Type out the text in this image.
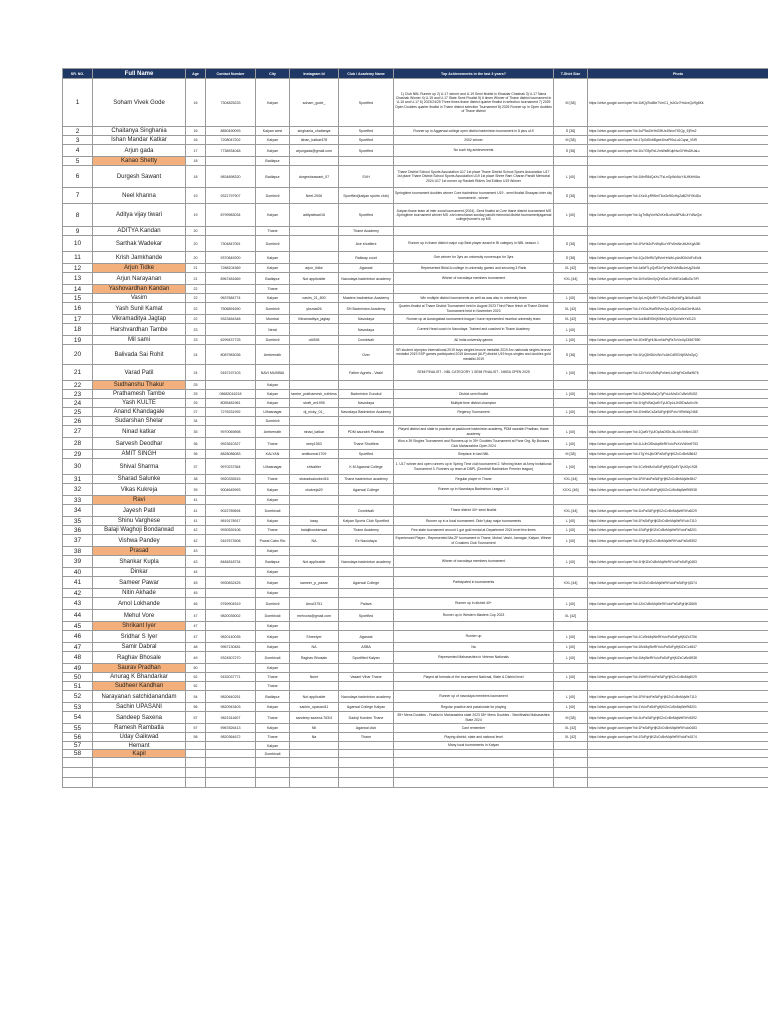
SR. NO.	Full Name	Age	Contact Number	City	Instagram Id	Club / Academy Name	Top Achievements in the last 3 years?	T-Shirt Size	Photo
1	Soham Vivek Gode	16	7304825233	Kalyan	soham_gode_	Sportfied	1) Club NBL Runner up 2) U-17 winner and U-19 Semi finalist in Khasdar Chashak 3) U-17 Nana Chashak Winner 4) U-15 and U-17 State Semi Finalist 5) 6 times Winner of Thane district tournament in U-15 and U-17 6) 2023/24/25 Three times thane district quarter finalist in selection tournament 7) 2025 Open Doubles quarter finalist in Thane district selection Tournament 8) 2025 Runner up in Open doubles of Thane district	M [38]	https://drive.google.com/open?id=1MQpTsdMe7VmC1_fs3Gz7HrAvxQcRg8Kk
2	Chaitanya Singhania	16	8850490093	Kalyan west	singhania_chaitanya	Sportfied	Runner up in Aggarwal college open district badminton tournament in 8 plus u19	S [36]	https://drive.google.com/open?id=1uP9wZeHtrG5fUx4WnoTfGQp_EjRm2
3	Ishan Mandar Katkar	16	7208047202	Kalyan	ishan_katkar478	Sportfied	2002 winner	M [38]	https://drive.google.com/open?id=1Tp0dSn6BgeeZmaPKlsLu1Cqna_VNR
4	Arjun gada	17	7738934048	Kalyan	arjungada@gmail.com	Sportfied	No such big achievements	S [36]	https://drive.google.com/open?id=1fo7G9pRxL2mWe8KqbNvz3YtHsDfUaLc
5	Kanao Shetty	18		Badlapur					
6	Durgesh Sawant	18	9834898320	Badlapur	durgeshsawant_07	SVH	Thane District School Sports Association U17 1st place Thane District School Sports Association U17 1st place Thane District School Sports Association U19 1st place Shree Ram Charan Pandit Memorial 2024 U17 1st runner up Rackett Riders 3rd Edition U19 Winner	L [40]	https://drive.google.com/open?id=1MnR8dQzXv7TsLeGpWcNoY4UfKbHiAa
7	Neel khanna	19	9321797907	Dombivli	Neel.2006	Sportfied(kalyan sports club)	Springtime tournament doubles winner Core badminton tournament U19 - semi finalist Shaayan inter city tournament - winner	S [36]	https://drive.google.com/open?id=1Xs4LpRfWmT6uGeN0cHqZaB2VtYiKdDo
8	Aditya vijay tiwari	19	8799983034	Kalyan	adityatiwari16	Sportfied	-Kalyan thane team at inter zonal tournament (2024) -Semi finalist at Core thane district tournament MS -Springtime tournament winner MS -shri ramcharan sunday pandit memorial district tournament(agarwal college)runner's up MS	L [40]	https://drive.google.com/open?id=1gTnBqVmW2xKe5LsHoAfPu8cJrYdNzQw
9	ADITYA Kandan	20		Thane		Thane Academy			
10	Sarthak Wadekar	20	7304847051	Dombivli		Ace shuttlers	Runner up in thane district major cup Best player award in Bi category in NBL season 1	S [36]	https://drive.google.com/open?id=1RvHk2cPzWq8LoYtFs5mNeJdUbXgA3iK
11	Krish Jamkhande	20	9370849200	Kalyan		Railway court	One winner for 3yrs an university runnersups for 3yrs	S [36]	https://drive.google.com/open?id=1QzJ5eRkTy8VmHnWcLpAs9GbXdFoEuIk
12	Arjun Tidke	21	7288104369	Kalyan	arjun_tidke	Agarwal	Represented Birla/Jo college in university games and securing 3 Rank	XL [42]	https://drive.google.com/open?id=1aWf7LpQxR2nTyHs0KvMdBcJeUgZ4oNi
13	Arjun Narayanan	21	8967481669	Badlapur	Not applicable	Navodaya badminton academy	Winner of navodaya members tournament	XXL [44]	https://drive.google.com/open?id=1hSvK8mXpQrW3zLtYdNfCeJaBoGu7iPl
14	Yashovardhan Kandan	22		Thane					
15	Vasim	22	9637684774	Kalyan	vasim_21_800	Masters badminton Academy	Win multiple district tournaments as well as was also in university team	L [40]	https://drive.google.com/open?id=1pLmQ4sRtY7vWxZ2nBcHdFgJkNoEuAiS
16	Yash Sunil Kamat	22	7506891690	Dombivli	yksmat26	SH Badminton Academy	Quarter-finalist at Thane District Tournament held in August 2023 Third Place finish at Thane District Tournament held in November 2023	XL [42]	https://drive.google.com/open?id=1YtGaJKwRt9VmZpLs3QeXoNdCbHfUi4A
17	Vikramaditya Jagtap	22	9323464348	Mumbai	Vikramaditya_jagtap	Navodaya	Runner up at Aurangabad tournament league I have represented mumbai university team	XL [42]	https://drive.google.com/open?id=1ckBdEfGhIjKlMnOpQrStUvWxYz0123
18	Harshvardhan Tambe	23		Neral		Navodaya	Current Head coach in Navodaya. Trained and coached in Thane Academy	L [40]	
19	Mil sami	23	6299437725	Dombivli	obl398	Dombivali	All India university games	L [40]	https://drive.google.com/open?id=1Ee5FgHiJkLmNoPqRsTuVwXyZ4567890
20	Balivada Sai Rohit	24	8087983036	Ambernath		Over	SR student olympics international 2019 boys singles bronze medalist 2019 Arc nationals singles bronze medalist 2019 SSP games participated 2019 Arnouart (ALP) district U19 boys singles and doubles gold medalist 2019	S [36]	https://drive.google.com/open?id=1KpQ8rStUvWxYzAbCdEfGhIjKlMnOpQ
21	Varad Patil	24	9167197103	NAVI MUMBAI		Father Agnels - Vashi	SEMI FINALIST - NBL CATEGORY 1 SEMI FINALIST - NMSA OPEN 2025	L [40]	https://drive.google.com/open?id=1ZxYwVuTsRqPoNmLkJiHgFeDcBa9876
22	Sudhanshu Thakur	25		Kalyan					
23	Prathamesh Tambe	25	08683016218	Kalyan	tambe_prathamesh_ruthless	Badminton Gurukul	District semi finalist	L [40]	https://drive.google.com/open?id=1UjWeBdAsQrTyPoLkMnZxCvBnM5432
24	Yash KULTE	25	8055481961	Kalyan	shaft_wr1995	Navodaya	Multiple time district champion		https://drive.google.com/open?id=1HgFdSaQwErTyUiOpLkJhGfDsAzXcVb
25	Anand Khandagale	27	7276331992	Ulhasnagar	dj_nicky_01_	Navodaya Badminton Academy	Regency Tournament	L [40]	https://drive.google.com/open?id=1NmBvCxZaSdFgHjKlPoIuYtReWq2468
26	Sudarshan Shelar	34		Dombivli					
27	Ninad katkar	35	9970069898	Ambernath	ninad_katkar	PDM saurabh Pradhan	Played district and state to practice at padukone badminton academy, PDM saurabh Pradhan, thane academy	L [40]	https://drive.google.com/open?id=1QwErTyUiOpAsDfGhJkLzXcVbNm1357
28	Sarvesh Deodhar	36	9923610327	Thane	seey1553	Thane Shuttlers	Won a 39 Singles Tournament and Runners-up in 39+ Doubles Tournament at Pune Org. By Bousars Club Maharashtra Open 2024	L [40]	https://drive.google.com/open?id=1LkJhGfDsAqWeRtYuIoPzXcVbNm9753
29	AMIT SINGH	36	8828086083	KALYAN	amitkumar1709	Sportfied	Simplace in last NBL	M [38]	https://drive.google.com/open?id=1TgYhUjIkOlPaSdFgHjKlZxCvBnM8642
30	Shival Sharma	37	9970237364	Ulhasnagar	shivaltier	K.M Agarwal College	1. U17 winner and open runners up in Spring Time club tournament 2. Winning team at Army invitational Tournament 3. Runners up team at DBPL (Dombivli Badminton Premier league)	L [40]	https://drive.google.com/open?id=1CvBnMzXaSdFgHjKlQwErTyUiOp1928
31	Sharad Salunke	38	9920335515	Thane	sharadsalunke416	Thane badminton academy	Regular player in Thane	XXL [44]	https://drive.google.com/open?id=1RtYuIoPaSdFgHjKlZxCvBnMqWe3847
32	Vikas Kukreja	39	9004645993	Kalyan	vkukreja20	Agarwal College	Runner up in Navodaya Badminton League 1.0	XXXL [46]	https://drive.google.com/open?id=1YuIoPaSdFgHjKlZxCvBnMqWeRt5938
33	Ravi	41		Kalyan					
34	Jayesh Patil	41	9022789694	Dombivali		Dombivali	Thane district 40+ semi finalist	XXL [44]	https://drive.google.com/open?id=1IoPaSdFgHjKlZxCvBnMqWeRtYu6029
35	Shinu Varghese	41	9619178917	Kalyan	lussy	Kalyan Sports Club Sportfied	Runner up in a local tournament. Didn't play major tournaments	L [40]	https://drive.google.com/open?id=1PaSdFgHjKlZxCvBnMqWeRtYuIo7110
36	Balaji Waghoji Bondarwad	42	9930539106	Thane	balajibondarwad	Thane Academy	Few state tournament around 1 got gold medal at Department 2024 level few times	L [40]	https://drive.google.com/open?id=1SdFgHjKlZxCvBnMqWeRtYuIoPa8201
37	Vishwa Pandey	42	9167673908	Powai Cabo Rio	NA	Ex Navodaya	Experienced Player - Represented Ma-ZF tournament in Thane, Mohal, Vashi, Jamagar, Kalyan. Winner of Croakers Club Tournament	L [40]	https://drive.google.com/open?id=1FgHjKlZxCvBnMqWeRtYuIoPaSd9392
38	Prasad	43		Kalyan					
39	Shankar Kupla	43	8484818734	Badlapur	Not applicable	Navodaya badminton academy	Winner of navodaya members tournament	L [40]	https://drive.google.com/open?id=1HjKlZxCvBnMqWeRtYuIoPaSdFg0483
40	Dinkar	44		Kalyan					
41	Sameer Pawar	45	9930832425	Kalyan	sameer_p_pawar	Agarwal College	Participated in tournaments	XXL [44]	https://drive.google.com/open?id=1KlZxCvBnMqWeRtYuIoPaSdFgHj1574
42	Nitin Akhade	45		Kalyan					
43	Amol Lokhande	46	9769904519	Dombivli	Amol3751	Palava	Runner up in district 40+	L [40]	https://drive.google.com/open?id=1ZxCvBnMqWeRtYuIoPaSdFgHjKl2665
44	Mehul Vore	47	9820035002	Dombivali	mehvora@gmail.com	Sportfied	Runner up in Western Masters Cup 2023	XL [42]	
45	Shrikant Iyer	47		Kalyan					
46	Sridhar S Iyer	47	9820140035	Kalyan	Shreeiyer	Agarwal	Runner up	L [40]	https://drive.google.com/open?id=1CvBnMqWeRtYuIoPaSdFgHjKlZx3756
47	Samir Dabral	48	9967130481	Kalyan	NA	ASBA	Na	L [40]	https://drive.google.com/open?id=1BnMqWeRtYuIoPaSdFgHjKlZxCv4847
48	Raghav Bhosale	49	9324507270	Dombivali	Raghav Bhosale	Sportified Kalyan	Represented Maharashtra in Veteran Nationals	L [40]	https://drive.google.com/open?id=1MqWeRtYuIoPaSdFgHjKlZxCvBn5938
49	Saurav Pradhan	50		Kalyan					
50	Anurag K Bhandarkar	52	9152037771	Thane	None	Vasant Vihar Thane	Played all formats of the tournament National, State & District level	L [40]	https://drive.google.com/open?id=1WeRtYuIoPaSdFgHjKlZxCvBnMq6029
51	Sudheer Kandhan	52		Thane					
52	Narayanan satchidanandam	54	9820640251	Badlapur	Not applicable	Navodaya badminton academy	Runner up of navodaya members tournament	L [40]	https://drive.google.com/open?id=1RtYuIoPaSdFgHjKlZxCvBnMqWe7110
53	Sachin UPASANI	56	9820943403	Kalyan	sachin_upasani11	Agarwal College Kalyan	Regular practice and passionate for playing	L [40]	https://drive.google.com/open?id=1YuIoPaSdFgHjKlZxCvBnMqWeRt8201
54	Sandeep Saxena	57	9821511607	Thane	sandeep saxena.763/4	Dadoji Konden Thane	55+ Mens Doubles - Finalist in Maharashtra state 2023 55+ Mens Doubles - Semifinalist Maharashtra State 2024	M [38]	https://drive.google.com/open?id=1IoPaSdFgHjKlZxCvBnMqWeRtYu9392
55	Ramesh Rambatla	57	9967826413	Kalyan	Nil	Agarwal club	Cant remember	XL [42]	https://drive.google.com/open?id=1PaSdFgHjKlZxCvBnMqWeRtYuIo0483
56	Uday Gaikwad	58	9820364672	Thane	Na	Thane	Playing district, state and national level	XL [42]	https://drive.google.com/open?id=1SdFgHjKlZxCvBnMqWeRtYuIoPa1574
57	Hemant			Kalyan			Many local tournaments in Kalyan		
58	Kapil			Dombivali					
